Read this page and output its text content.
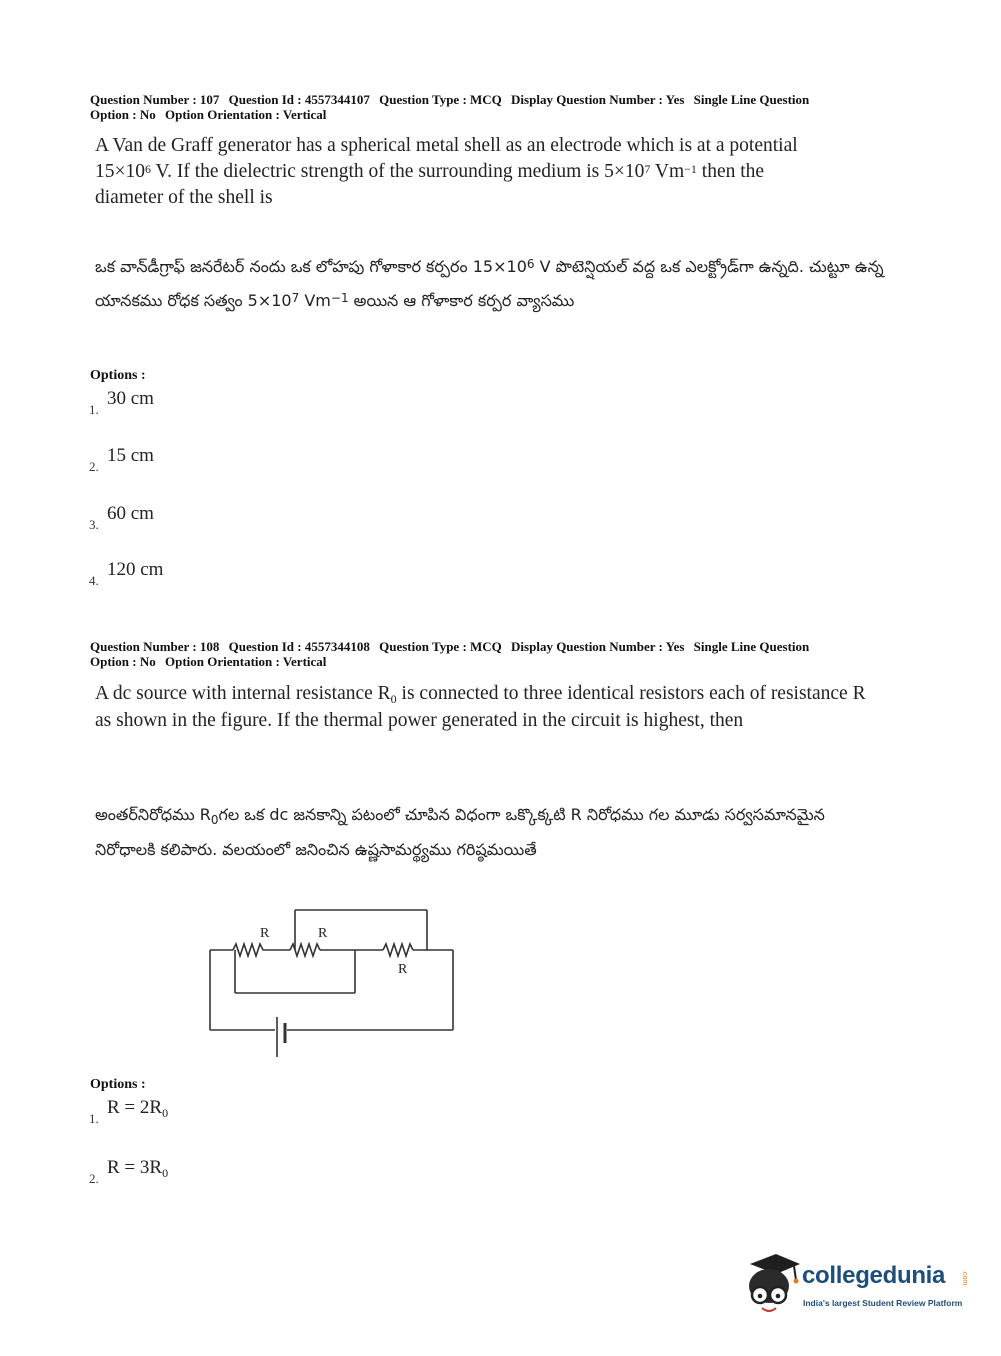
Question Number : 107 Question Id : 4557344107 Question Type : MCQ Display Question Number : Yes Single Line Question
Option : No Option Orientation : Vertical
A Van de Graff generator has a spherical metal shell as an electrode which is at a potential
$15\times 10^6$ V. If the dielectric strength of the surrounding medium is $5\times 10^7$ $Vm^{-1}$ then the
diameter of the shell is
ఒక వాన్‌డీగ్రాఫ్ జనరేటర్ నందు ఒక లోహపు గోళాకార కర్పరం $15\times 10^6$ V పొటెన్షియల్ వద్ద ఒక ఎలక్ట్రోడ్‌గా ఉన్నది. చుట్టూ ఉన్న యానకము రోధక సత్వం $5\times 10^7$ $Vm^{-1}$ అయిన ఆ గోళాకార కర్పర వ్యాసము
Options :
1.
30 cm
2.
15 cm
3.
60 cm
4.
120 cm
Question Number : 108 Question Id : 4557344108 Question Type : MCQ Display Question Number : Yes Single Line Question
Option : No Option Orientation : Vertical
A dc source with internal resistance $R_0$ is connected to three identical resistors each of resistance R as shown in the figure. If the thermal power generated in the circuit is highest, then
అంతర్‌నిరోధము $R_0గల$ ఒక dc జనకాన్ని పటంలో చూపిన విధంగా ఒక్కొక్కటి R నిరోధము గల మూడు సర్వసమానమైన నిరోధాలకి కలిపారు. వలయంలో జనించిన ఉష్ణసామర్థ్యము గరిష్ఠమయితే
R	R
R
Options :
1.
$R = 2R_0$
2.
$R = 3R_0$
collegedunia .com
India's largest Student Review Platform
